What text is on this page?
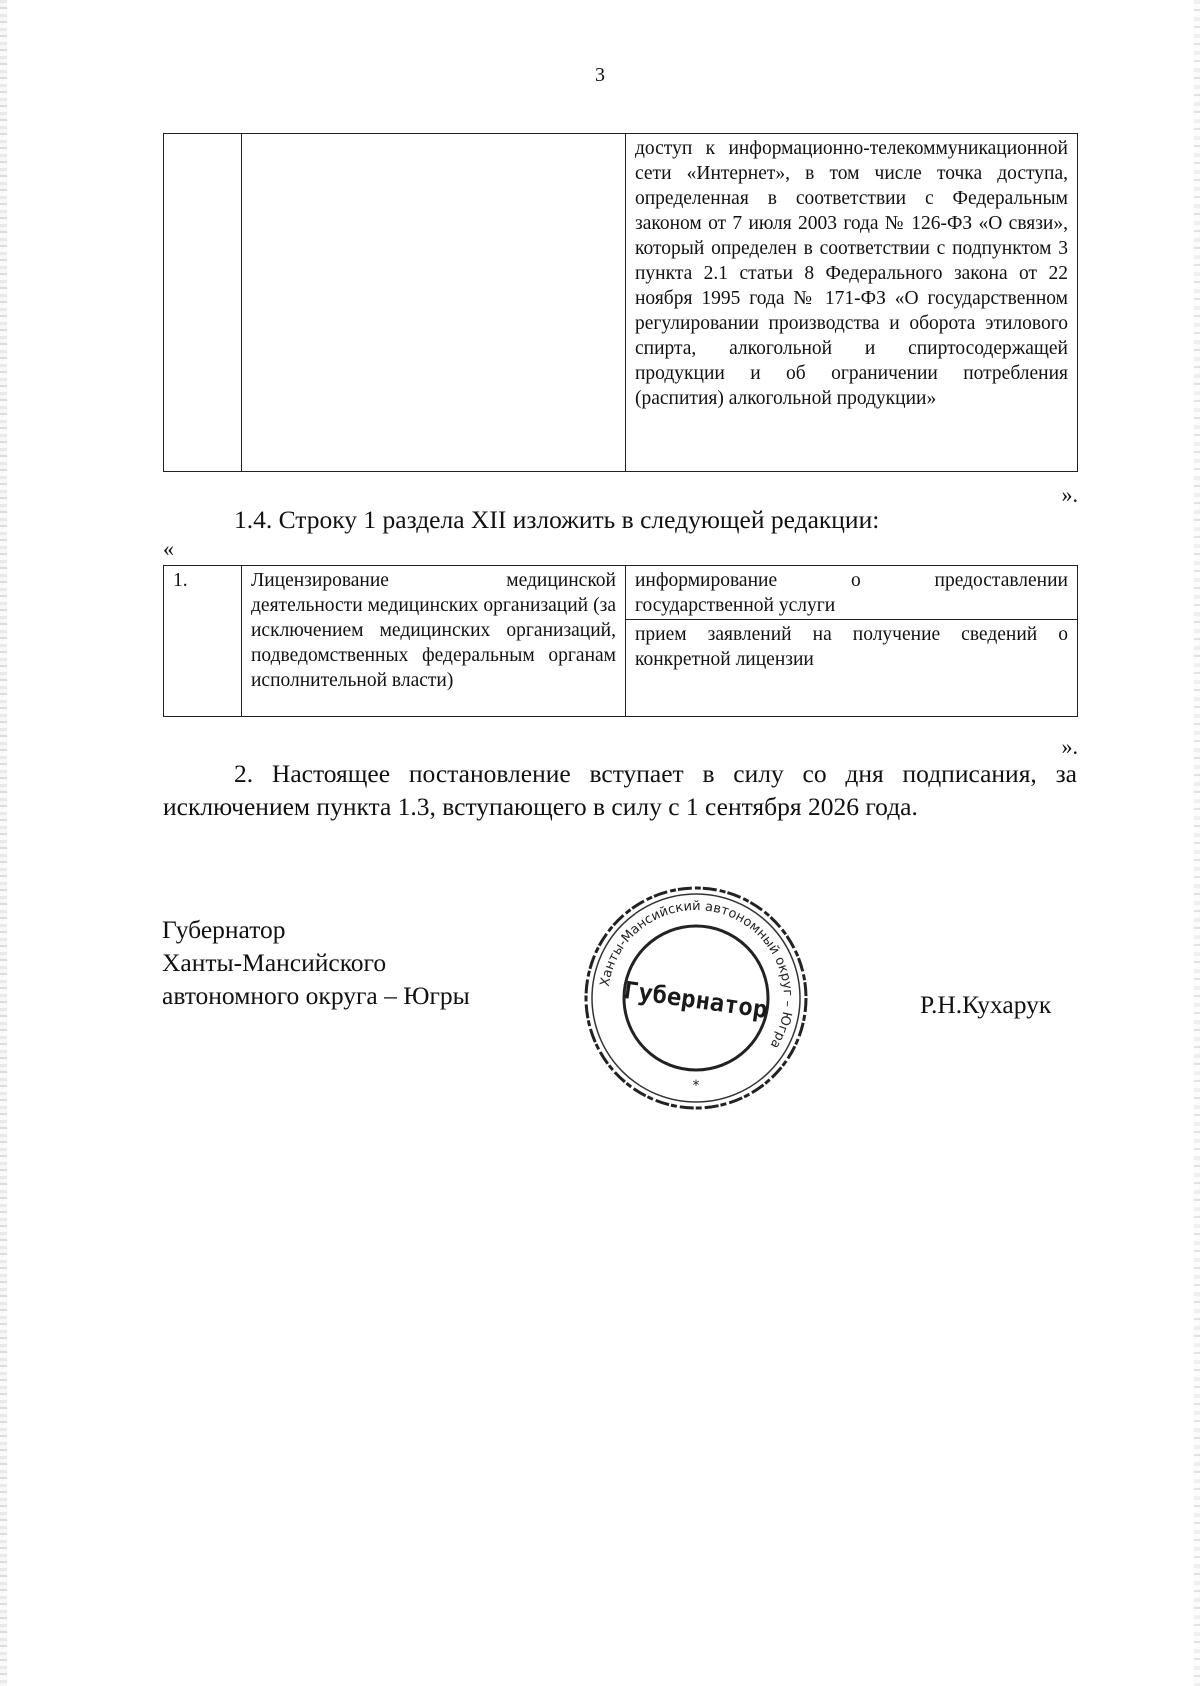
3
		доступ к информационно-телекоммуникационной сети «Интернет», в том числе точка доступа, определенная в соответствии с Федеральным законом от 7 июля 2003 года № 126-ФЗ «О связи», который определен в соответствии с подпунктом 3 пункта 2.1 статьи 8 Федерального закона от 22 ноября 1995 года № 171-ФЗ «О государственном регулировании производства и оборота этилового спирта, алкогольной и спиртосодержащей продукции и об ограничении потребления (распития) алкогольной продукции»
».
1.4. Строку 1 раздела XII изложить в следующей редакции:
«
1.	Лицензирование медицинской деятельности медицинских организаций (за исключением медицинских организаций, подведомственных федеральным органам исполнительной власти)	информирование о предоставлении государственной услуги
прием заявлений на получение сведений о конкретной лицензии
».
2. Настоящее постановление вступает в силу со дня подписания, за исключением пункта 1.3, вступающего в силу с 1 сентября 2026 года.
Губернатор
Ханты-Мансийского
автономного округа – Югры	Ханты-Мансийский автономный округ – Югра
Губернатор
*
Р.Н.Кухарук
